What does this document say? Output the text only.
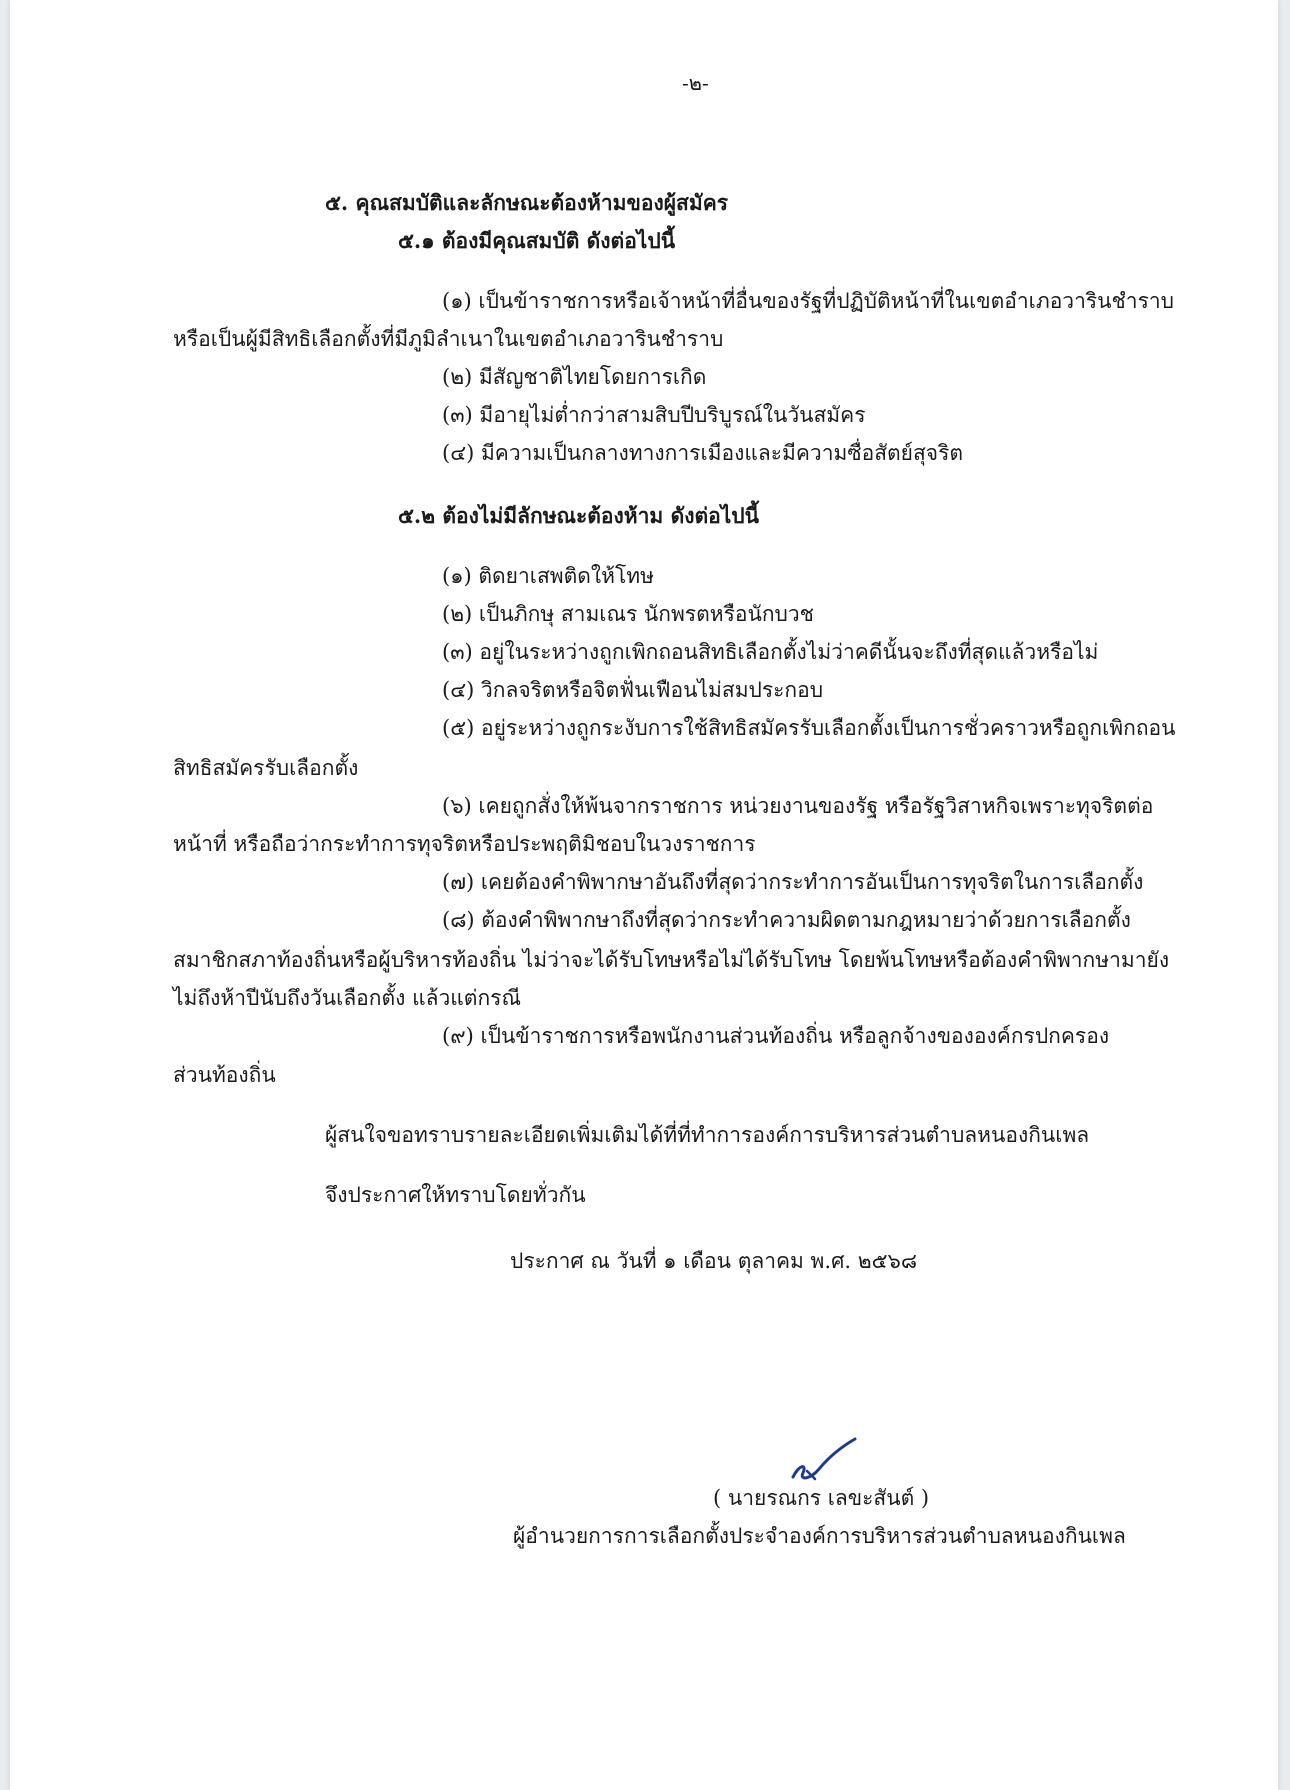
-๒-
๕. คุณสมบัติและลักษณะต้องห้ามของผู้สมัคร
๕.๑ ต้องมีคุณสมบัติ ดังต่อไปนี้
(๑) เป็นข้าราชการหรือเจ้าหน้าที่อื่นของรัฐที่ปฏิบัติหน้าที่ในเขตอำเภอวารินชำราบ
หรือเป็นผู้มีสิทธิเลือกตั้งที่มีภูมิลำเนาในเขตอำเภอวารินชำราบ
(๒) มีสัญชาติไทยโดยการเกิด
(๓) มีอายุไม่ต่ำกว่าสามสิบปีบริบูรณ์ในวันสมัคร
(๔) มีความเป็นกลางทางการเมืองและมีความซื่อสัตย์สุจริต
๕.๒ ต้องไม่มีลักษณะต้องห้าม ดังต่อไปนี้
(๑) ติดยาเสพติดให้โทษ
(๒) เป็นภิกษุ สามเณร นักพรตหรือนักบวช
(๓) อยู่ในระหว่างถูกเพิกถอนสิทธิเลือกตั้งไม่ว่าคดีนั้นจะถึงที่สุดแล้วหรือไม่
(๔) วิกลจริตหรือจิตฟั่นเฟือนไม่สมประกอบ
(๕) อยู่ระหว่างถูกระงับการใช้สิทธิสมัครรับเลือกตั้งเป็นการชั่วคราวหรือถูกเพิกถอน
สิทธิสมัครรับเลือกตั้ง
(๖) เคยถูกสั่งให้พ้นจากราชการ หน่วยงานของรัฐ หรือรัฐวิสาหกิจเพราะทุจริตต่อ
หน้าที่ หรือถือว่ากระทำการทุจริตหรือประพฤติมิชอบในวงราชการ
(๗) เคยต้องคำพิพากษาอันถึงที่สุดว่ากระทำการอันเป็นการทุจริตในการเลือกตั้ง
(๘) ต้องคำพิพากษาถึงที่สุดว่ากระทำความผิดตามกฎหมายว่าด้วยการเลือกตั้ง
สมาชิกสภาท้องถิ่นหรือผู้บริหารท้องถิ่น ไม่ว่าจะได้รับโทษหรือไม่ได้รับโทษ โดยพ้นโทษหรือต้องคำพิพากษามายัง
ไม่ถึงห้าปีนับถึงวันเลือกตั้ง แล้วแต่กรณี
(๙) เป็นข้าราชการหรือพนักงานส่วนท้องถิ่น หรือลูกจ้างขององค์กรปกครอง
ส่วนท้องถิ่น
ผู้สนใจขอทราบรายละเอียดเพิ่มเติมได้ที่ที่ทำการองค์การบริหารส่วนตำบลหนองกินเพล
จึงประกาศให้ทราบโดยทั่วกัน
ประกาศ ณ วันที่ ๑ เดือน ตุลาคม พ.ศ. ๒๕๖๘
( นายรณกร เลขะสันต์ )
ผู้อำนวยการการเลือกตั้งประจำองค์การบริหารส่วนตำบลหนองกินเพล
